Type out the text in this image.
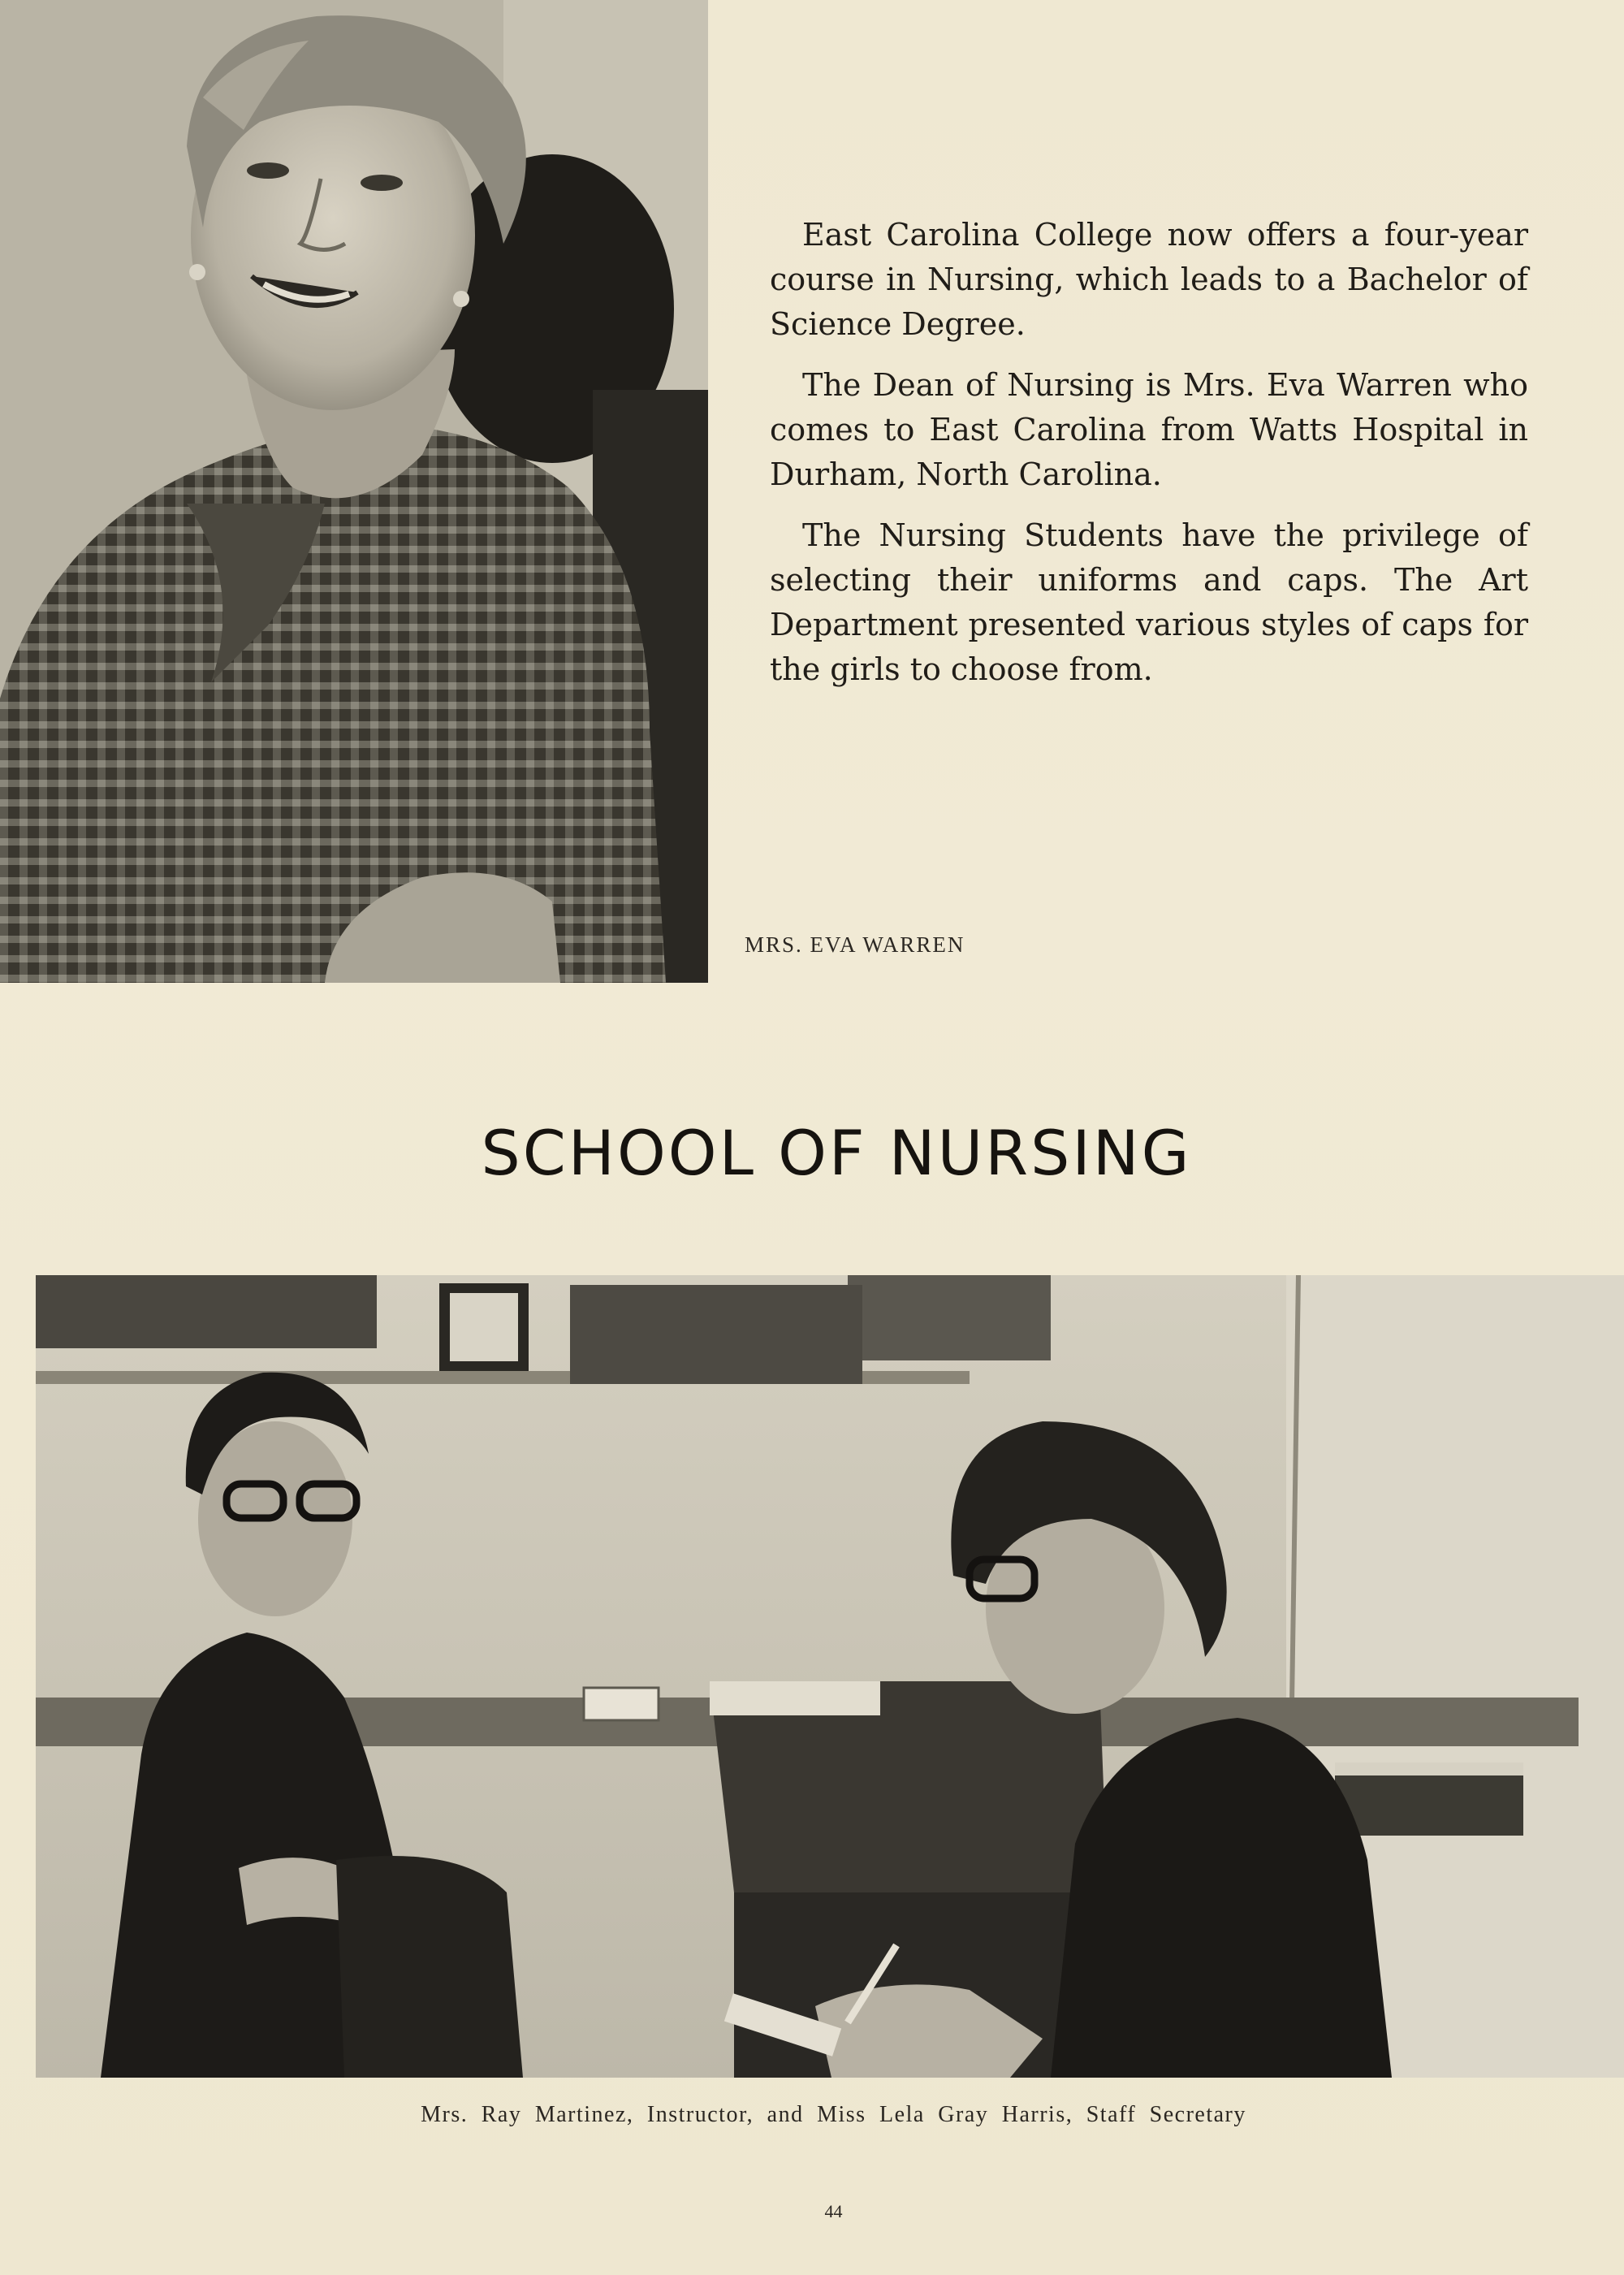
East Carolina College now offers a four-year course in Nursing, which leads to a Bachelor of Science Degree.

The Dean of Nursing is Mrs. Eva Warren who comes to East Carolina from Watts Hospital in Durham, North Carolina.

The Nursing Students have the privilege of selecting their uniforms and caps. The Art Department presented various styles of caps for the girls to choose from.

MRS. EVA WARREN
SCHOOL OF NURSING
Mrs. Ray Martinez, Instructor, and Miss Lela Gray Harris, Staff Secretary
44
